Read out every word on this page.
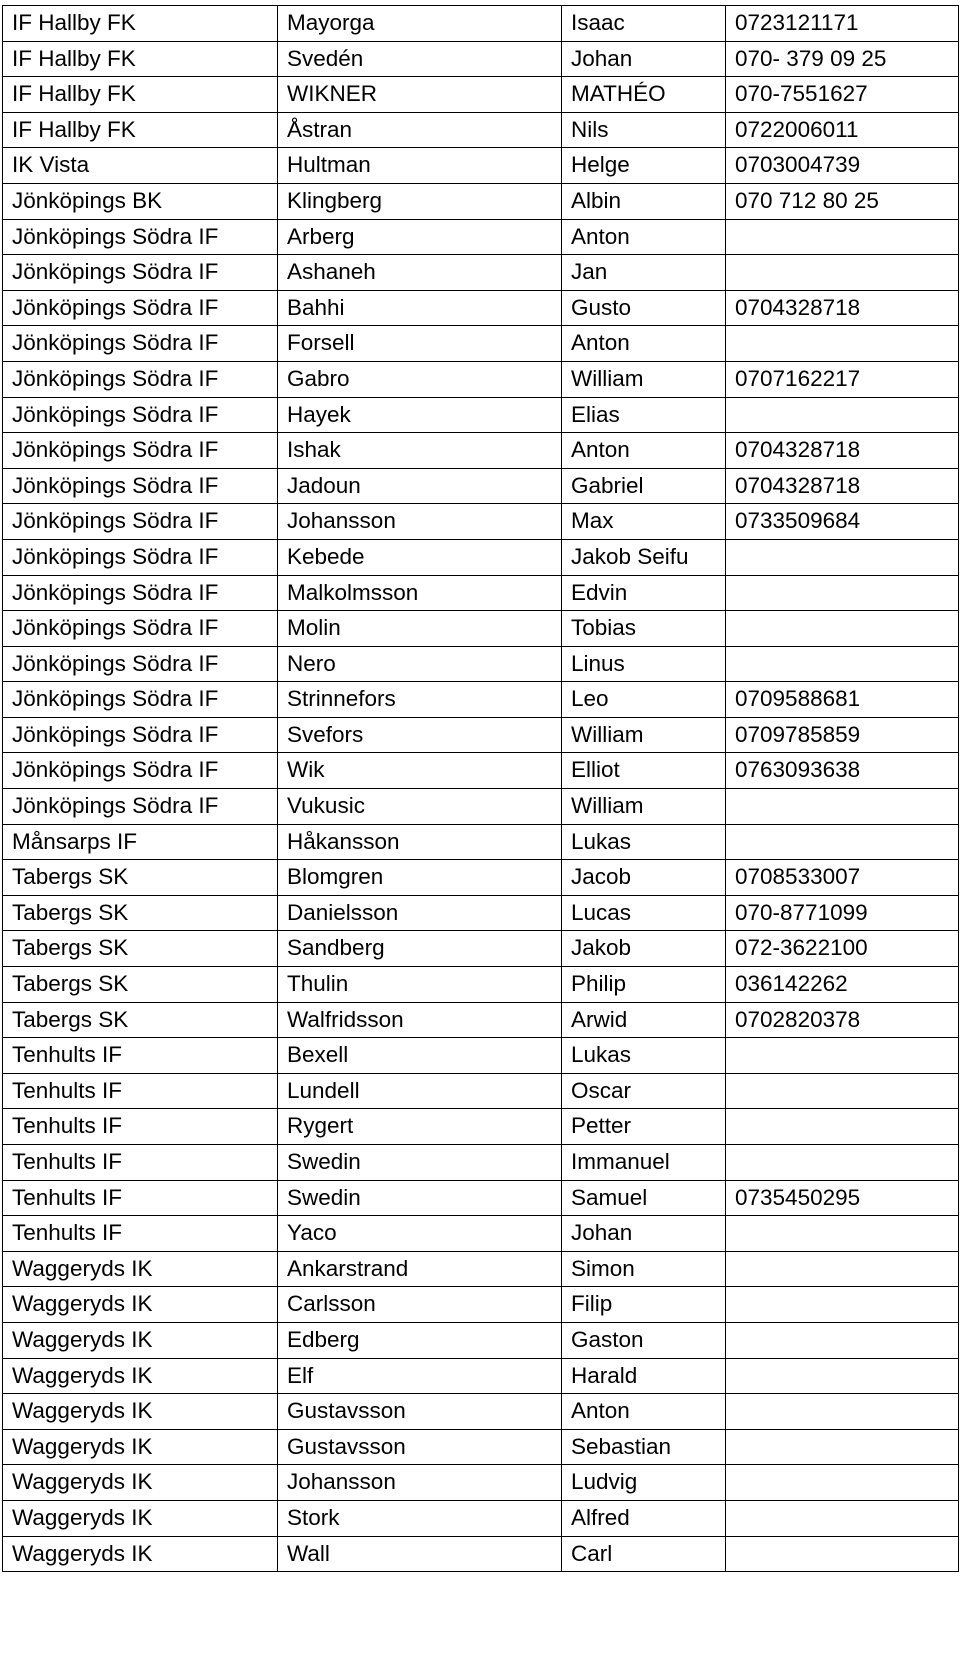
IF Hallby FK	Mayorga	Isaac	0723121171
IF Hallby FK	Svedén	Johan	070- 379 09 25
IF Hallby FK	WIKNER	MATHÉO	070-7551627
IF Hallby FK	Åstran	Nils	0722006011
IK Vista	Hultman	Helge	0703004739
Jönköpings BK	Klingberg	Albin	070 712 80 25
Jönköpings Södra IF	Arberg	Anton	
Jönköpings Södra IF	Ashaneh	Jan	
Jönköpings Södra IF	Bahhi	Gusto	0704328718
Jönköpings Södra IF	Forsell	Anton	
Jönköpings Södra IF	Gabro	William	0707162217
Jönköpings Södra IF	Hayek	Elias	
Jönköpings Södra IF	Ishak	Anton	0704328718
Jönköpings Södra IF	Jadoun	Gabriel	0704328718
Jönköpings Södra IF	Johansson	Max	0733509684
Jönköpings Södra IF	Kebede	Jakob Seifu	
Jönköpings Södra IF	Malkolmsson	Edvin	
Jönköpings Södra IF	Molin	Tobias	
Jönköpings Södra IF	Nero	Linus	
Jönköpings Södra IF	Strinnefors	Leo	0709588681
Jönköpings Södra IF	Svefors	William	0709785859
Jönköpings Södra IF	Wik	Elliot	0763093638
Jönköpings Södra IF	Vukusic	William	
Månsarps IF	Håkansson	Lukas	
Tabergs SK	Blomgren	Jacob	0708533007
Tabergs SK	Danielsson	Lucas	070-8771099
Tabergs SK	Sandberg	Jakob	072-3622100
Tabergs SK	Thulin	Philip	036142262
Tabergs SK	Walfridsson	Arwid	0702820378
Tenhults IF	Bexell	Lukas	
Tenhults IF	Lundell	Oscar	
Tenhults IF	Rygert	Petter	
Tenhults IF	Swedin	Immanuel	
Tenhults IF	Swedin	Samuel	0735450295
Tenhults IF	Yaco	Johan	
Waggeryds IK	Ankarstrand	Simon	
Waggeryds IK	Carlsson	Filip	
Waggeryds IK	Edberg	Gaston	
Waggeryds IK	Elf	Harald	
Waggeryds IK	Gustavsson	Anton	
Waggeryds IK	Gustavsson	Sebastian	
Waggeryds IK	Johansson	Ludvig	
Waggeryds IK	Stork	Alfred	
Waggeryds IK	Wall	Carl	
